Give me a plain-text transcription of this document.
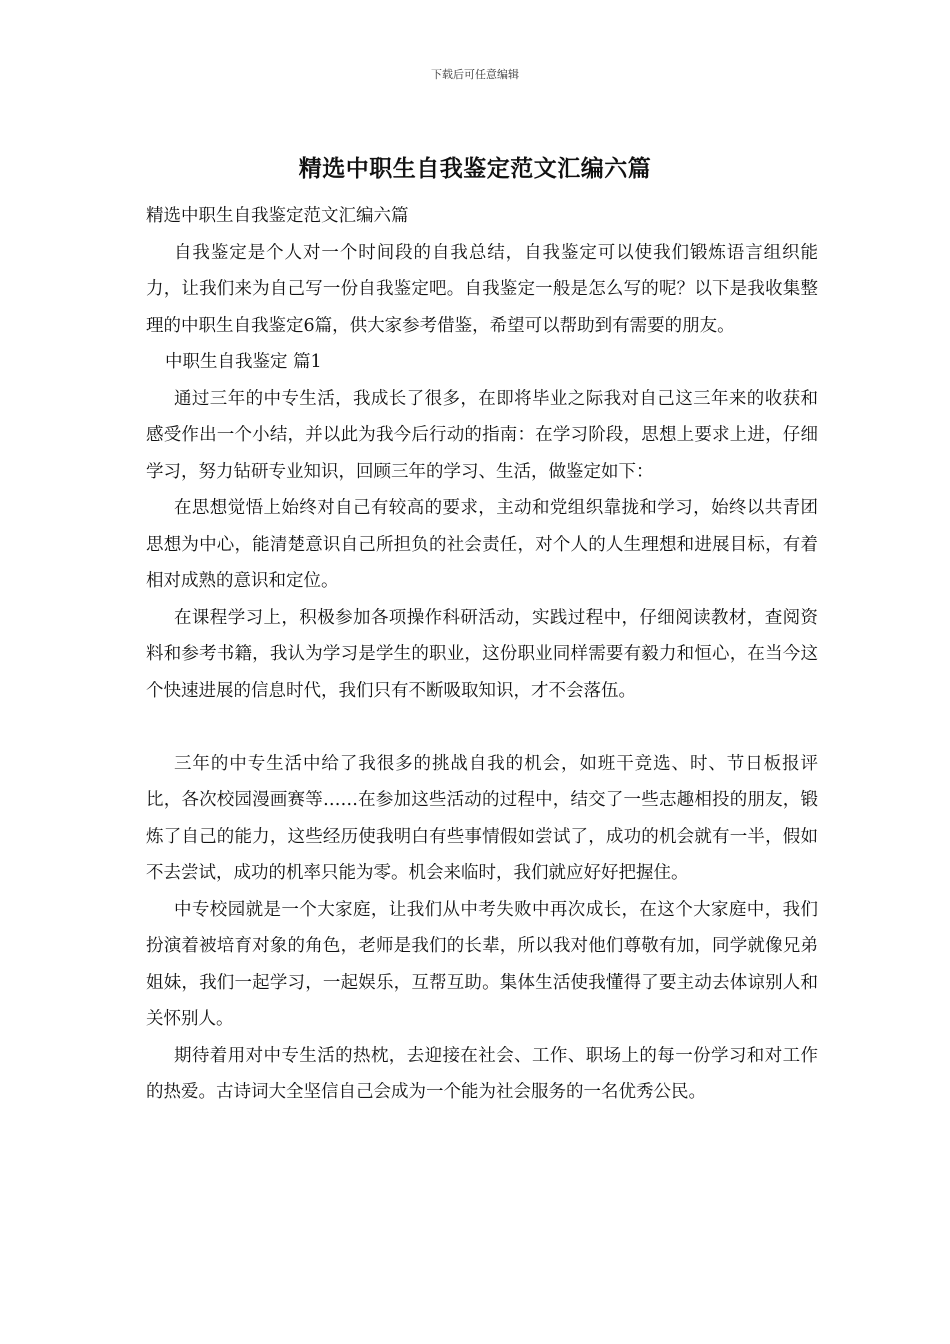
下载后可任意编辑
精选中职生自我鉴定范文汇编六篇

精选中职生自我鉴定范文汇编六篇

自我鉴定是个人对一个时间段的自我总结，自我鉴定可以使我们锻炼语言组织能力，让我们来为自己写一份自我鉴定吧。自我鉴定一般是怎么写的呢？以下是我收集整理的中职生自我鉴定6篇，供大家参考借鉴，希望可以帮助到有需要的朋友。

中职生自我鉴定 篇1

通过三年的中专生活，我成长了很多，在即将毕业之际我对自己这三年来的收获和感受作出一个小结，并以此为我今后行动的指南：在学习阶段，思想上要求上进，仔细学习，努力钻研专业知识，回顾三年的学习、生活，做鉴定如下：

在思想觉悟上始终对自己有较高的要求，主动和党组织靠拢和学习，始终以共青团思想为中心，能清楚意识自己所担负的社会责任，对个人的人生理想和进展目标，有着相对成熟的意识和定位。

在课程学习上，积极参加各项操作科研活动，实践过程中，仔细阅读教材，查阅资料和参考书籍，我认为学习是学生的职业，这份职业同样需要有毅力和恒心，在当今这个快速进展的信息时代，我们只有不断吸取知识，才不会落伍。

三年的中专生活中给了我很多的挑战自我的机会，如班干竞选、时、节日板报评比，各次校园漫画赛等……在参加这些活动的过程中，结交了一些志趣相投的朋友，锻炼了自己的能力，这些经历使我明白有些事情假如尝试了，成功的机会就有一半，假如不去尝试，成功的机率只能为零。机会来临时，我们就应好好把握住。

中专校园就是一个大家庭，让我们从中考失败中再次成长，在这个大家庭中，我们扮演着被培育对象的角色，老师是我们的长辈，所以我对他们尊敬有加，同学就像兄弟姐妹，我们一起学习，一起娱乐，互帮互助。集体生活使我懂得了要主动去体谅别人和关怀别人。

期待着用对中专生活的热枕，去迎接在社会、工作、职场上的每一份学习和对工作的热爱。古诗词大全坚信自己会成为一个能为社会服务的一名优秀公民。
